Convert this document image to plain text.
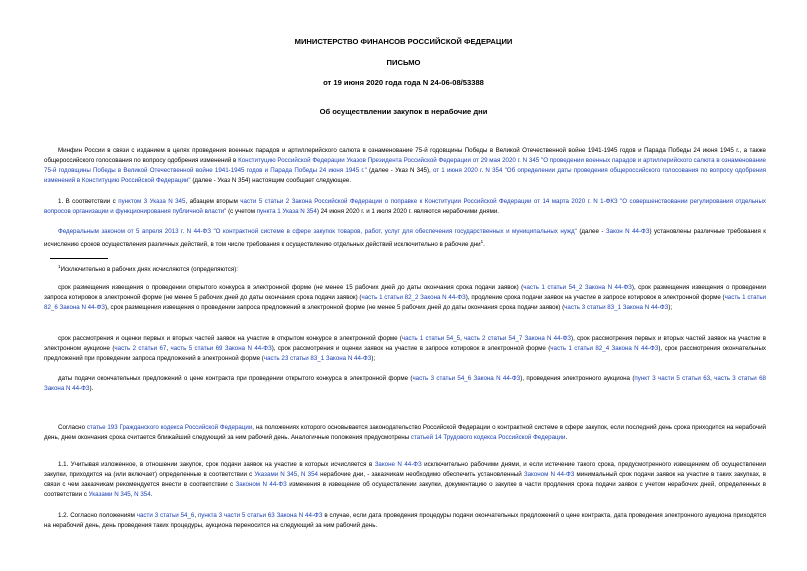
МИНИСТЕРСТВО ФИНАНСОВ РОССИЙСКОЙ ФЕДЕРАЦИИ
ПИСЬМО
от 19 июня 2020 года года N 24-06-08/53388
Об осуществлении закупок в нерабочие дни
Минфин России в связи с изданием в целях проведения военных парадов и артиллерийского салюта в ознаменование 75-й годовщины Победы в Великой Отечественной войне 1941-1945 годов и Парада Победы 24 июня 1945 г., а также общероссийского голосования по вопросу одобрения изменений в Конституцию Российской Федерации Указов Президента Российской Федерации от 29 мая 2020 г. N 345 "О проведении военных парадов и артиллерийского салюта в ознаменование 75-й годовщины Победы в Великой Отечественной войне 1941-1945 годов и Парада Победы 24 июня 1945 г." (далее - Указ N 345), от 1 июня 2020 г. N 354 "Об определении даты проведения общероссийского голосования по вопросу одобрения изменений в Конституцию Российской Федерации" (далее - Указ N 354) настоящим сообщает следующее.
1. В соответствии с пунктом 3 Указа N 345, абзацем вторым части 5 статьи 2 Закона Российской Федерации о поправке к Конституции Российской Федерации от 14 марта 2020 г. N 1-ФКЗ "О совершенствовании регулирования отдельных вопросов организации и функционирования публичной власти" (с учетом пункта 1 Указа N 354) 24 июня 2020 г. и 1 июля 2020 г. являются нерабочими днями.
Федеральным законом от 5 апреля 2013 г. N 44-ФЗ "О контрактной системе в сфере закупок товаров, работ, услуг для обеспечения государственных и муниципальных нужд" (далее - Закон N 44-ФЗ) установлены различные требования к исчислению сроков осуществления различных действий, в том числе требования к осуществлению отдельных действий исключительно в рабочие дни$^1$.
$^1$Исключительно в рабочих днях исчисляются (определяются):
срок размещения извещения о проведении открытого конкурса в электронной форме (не менее 15 рабочих дней до даты окончания срока подачи заявок) (часть 1 статьи 54_2 Закона N 44-ФЗ), срок размещения извещения о проведении запроса котировок в электронной форме (не менее 5 рабочих дней до даты окончания срока подачи заявок) (часть 1 статьи 82_2 Закона N 44-ФЗ), продление срока подачи заявок на участие в запросе котировок в электронной форме (часть 1 статьи 82_6 Закона N 44-ФЗ), срок размещения извещения о проведении запроса предложений в электронной форме (не менее 5 рабочих дней до даты окончания срока подачи заявок) (часть 3 статьи 83_1 Закона N 44-ФЗ);
срок рассмотрения и оценки первых и вторых частей заявок на участие в открытом конкурсе в электронной форме (часть 1 статьи 54_5, часть 2 статьи 54_7 Закона N 44-ФЗ), срок рассмотрения первых и вторых частей заявок на участие в электронном аукционе (часть 2 статьи 67, часть 5 статьи 69 Закона N 44-ФЗ), срок рассмотрения и оценки заявок на участие в запросе котировок в электронной форме (часть 1 статьи 82_4 Закона N 44-ФЗ), срок рассмотрения окончательных предложений при проведении запроса предложений в электронной форме (часть 23 статьи 83_1 Закона N 44-ФЗ);
даты подачи окончательных предложений о цене контракта при проведении открытого конкурса в электронной форме (часть 3 статьи 54_6 Закона N 44-ФЗ), проведения электронного аукциона (пункт 3 части 5 статьи 63, часть 3 статьи 68 Закона N 44-ФЗ).
Согласно статье 193 Гражданского кодекса Российской Федерации, на положениях которого основывается законодательство Российской Федерации о контрактной системе в сфере закупок, если последний день срока приходится на нерабочий день, днем окончания срока считается ближайший следующий за ним рабочий день. Аналогичные положения предусмотрены статьей 14 Трудового кодекса Российской Федерации.
1.1. Учитывая изложенное, в отношении закупок, срок подачи заявок на участие в которых исчисляется в Законе N 44-ФЗ исключительно рабочими днями, и если истечение такого срока, предусмотренного извещением об осуществлении закупки, приходится на (или включает) определенные в соответствии с Указами N 345, N 354 нерабочие дни, - заказчикам необходимо обеспечить установленный Законом N 44-ФЗ минимальный срок подачи заявок на участие в таких закупках, в связи с чем заказчикам рекомендуется внести в соответствии с Законом N 44-ФЗ изменения в извещение об осуществлении закупки, документацию о закупке в части продления срока подачи заявок с учетом нерабочих дней, определенных в соответствии с Указами N 345, N 354.
1.2. Согласно положениям части 3 статьи 54_6, пункта 3 части 5 статьи 63 Закона N 44-ФЗ в случае, если дата проведения процедуры подачи окончательных предложений о цене контракта, дата проведения электронного аукциона приходятся на нерабочий день, день проведения таких процедуры, аукциона переносится на следующий за ним рабочий день.
